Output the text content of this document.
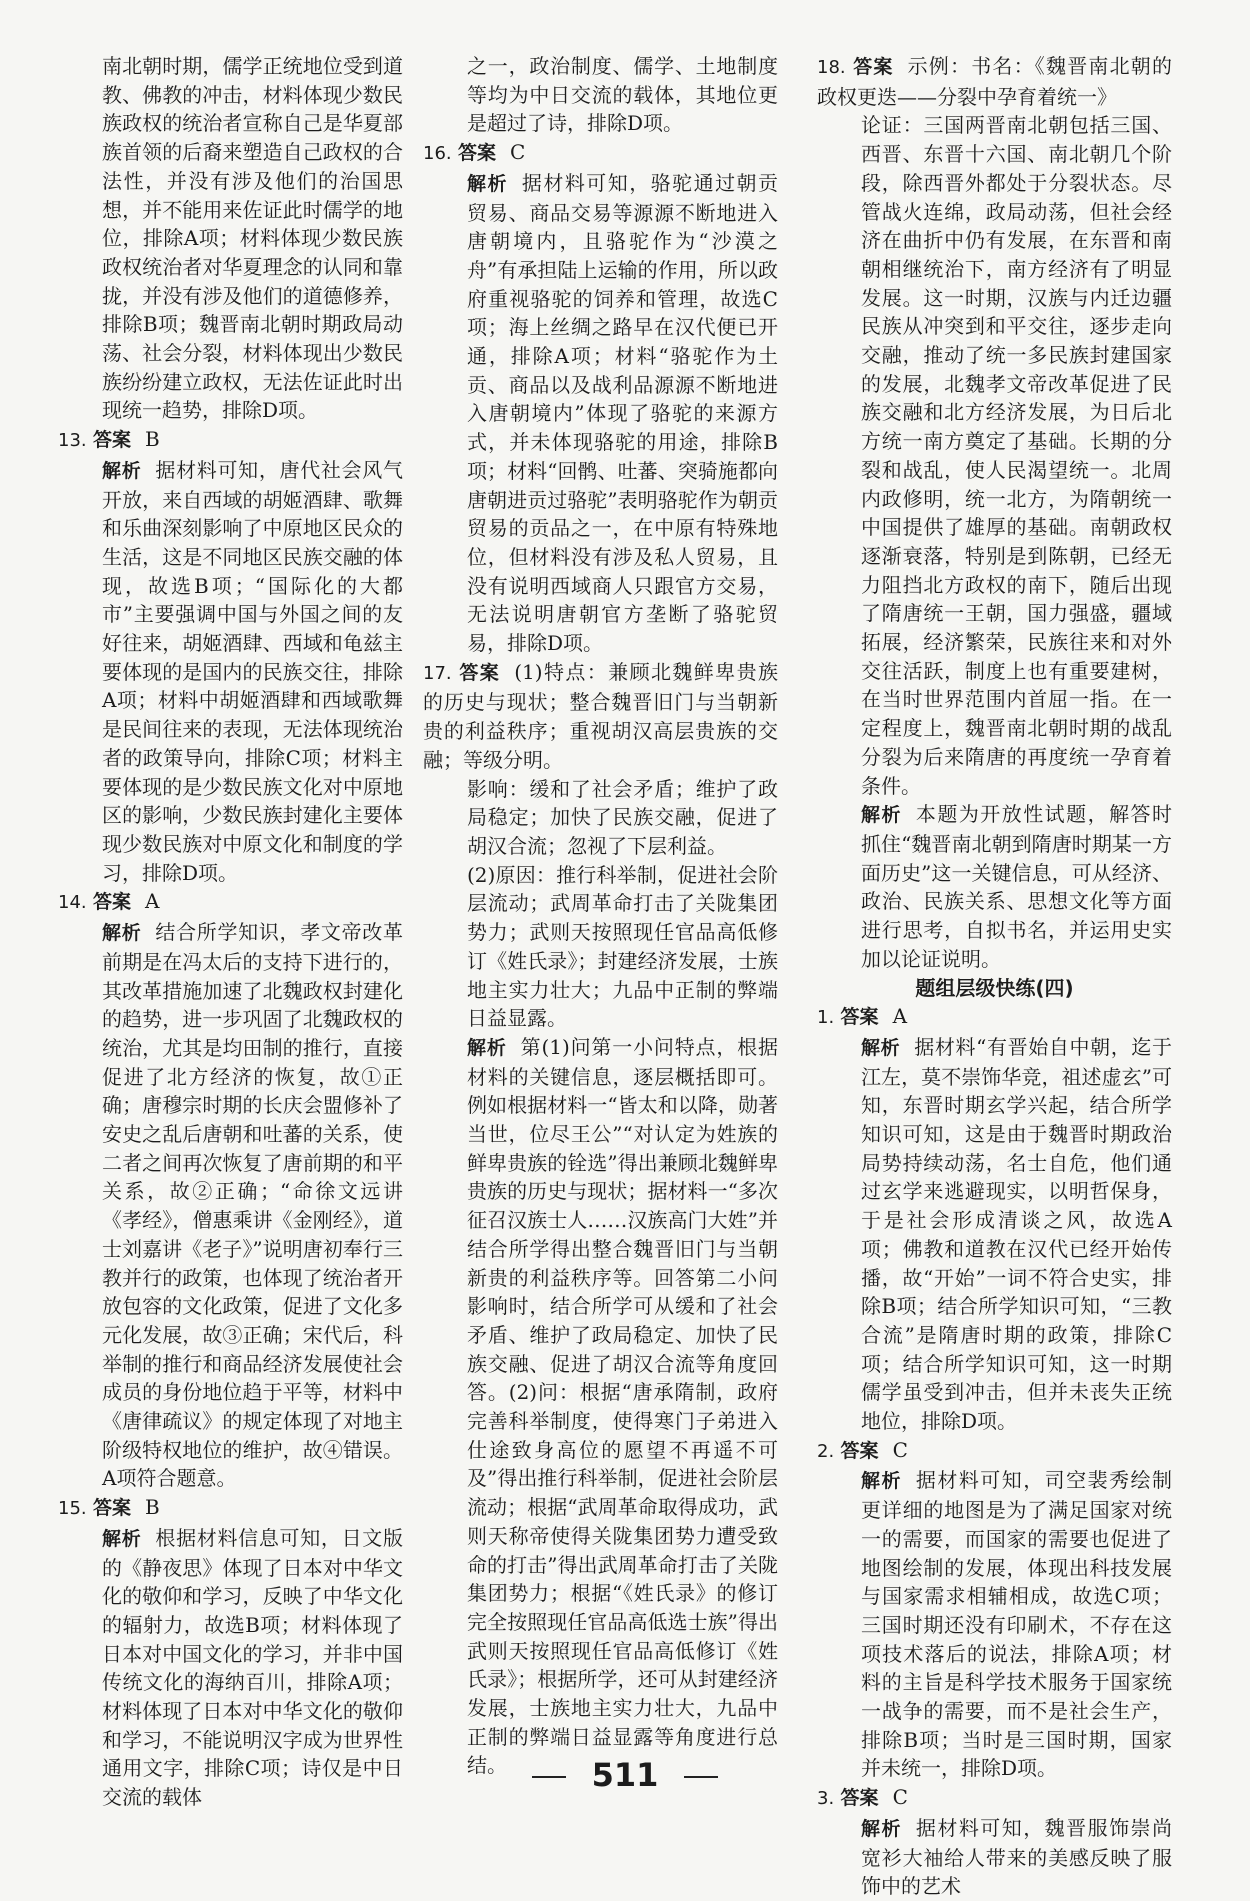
南北朝时期，儒学正统地位受到道教、佛教的冲击，材料体现少数民族政权的统治者宣称自己是华夏部族首领的后裔来塑造自己政权的合法性，并没有涉及他们的治国思想，并不能用来佐证此时儒学的地位，排除A项；材料体现少数民族政权统治者对华夏理念的认同和靠拢，并没有涉及他们的道德修养，排除B项；魏晋南北朝时期政局动荡、社会分裂，材料体现出少数民族纷纷建立政权，无法佐证此时出现统一趋势，排除D项。

13. 答案 B

解析 据材料可知，唐代社会风气开放，来自西域的胡姬酒肆、歌舞和乐曲深刻影响了中原地区民众的生活，这是不同地区民族交融的体现，故选B项；“国际化的大都市”主要强调中国与外国之间的友好往来，胡姬酒肆、西域和龟兹主要体现的是国内的民族交往，排除A项；材料中胡姬酒肆和西域歌舞是民间往来的表现，无法体现统治者的政策导向，排除C项；材料主要体现的是少数民族文化对中原地区的影响，少数民族封建化主要体现少数民族对中原文化和制度的学习，排除D项。

14. 答案 A

解析 结合所学知识，孝文帝改革前期是在冯太后的支持下进行的，其改革措施加速了北魏政权封建化的趋势，进一步巩固了北魏政权的统治，尤其是均田制的推行，直接促进了北方经济的恢复，故①正确；唐穆宗时期的长庆会盟修补了安史之乱后唐朝和吐蕃的关系，使二者之间再次恢复了唐前期的和平关系，故②正确；“命徐文远讲《孝经》，僧惠乘讲《金刚经》，道士刘嘉讲《老子》”说明唐初奉行三教并行的政策，也体现了统治者开放包容的文化政策，促进了文化多元化发展，故③正确；宋代后，科举制的推行和商品经济发展使社会成员的身份地位趋于平等，材料中《唐律疏议》的规定体现了对地主阶级特权地位的维护，故④错误。A项符合题意。

15. 答案 B

解析 根据材料信息可知，日文版的《静夜思》体现了日本对中华文化的敬仰和学习，反映了中华文化的辐射力，故选B项；材料体现了日本对中国文化的学习，并非中国传统文化的海纳百川，排除A项；材料体现了日本对中华文化的敬仰和学习，不能说明汉字成为世界性通用文字，排除C项；诗仅是中日交流的载体

之一，政治制度、儒学、土地制度等均为中日交流的载体，其地位更是超过了诗，排除D项。

16. 答案 C

解析 据材料可知，骆驼通过朝贡贸易、商品交易等源源不断地进入唐朝境内，且骆驼作为“沙漠之舟”有承担陆上运输的作用，所以政府重视骆驼的饲养和管理，故选C项；海上丝绸之路早在汉代便已开通，排除A项；材料“骆驼作为土贡、商品以及战利品源源不断地进入唐朝境内”体现了骆驼的来源方式，并未体现骆驼的用途，排除B项；材料“回鹘、吐蕃、突骑施都向唐朝进贡过骆驼”表明骆驼作为朝贡贸易的贡品之一，在中原有特殊地位，但材料没有涉及私人贸易，且没有说明西域商人只跟官方交易，无法说明唐朝官方垄断了骆驼贸易，排除D项。

17. 答案 (1)特点：兼顾北魏鲜卑贵族的历史与现状；整合魏晋旧门与当朝新贵的利益秩序；重视胡汉高层贵族的交融；等级分明。

影响：缓和了社会矛盾；维护了政局稳定；加快了民族交融，促进了胡汉合流；忽视了下层利益。

(2)原因：推行科举制，促进社会阶层流动；武周革命打击了关陇集团势力；武则天按照现任官品高低修订《姓氏录》；封建经济发展，士族地主实力壮大；九品中正制的弊端日益显露。

解析 第(1)问第一小问特点，根据材料的关键信息，逐层概括即可。例如根据材料一“皆太和以降，勋著当世，位尽王公”“对认定为姓族的鲜卑贵族的铨选”得出兼顾北魏鲜卑贵族的历史与现状；据材料一“多次征召汉族士人……汉族高门大姓”并结合所学得出整合魏晋旧门与当朝新贵的利益秩序等。回答第二小问影响时，结合所学可从缓和了社会矛盾、维护了政局稳定、加快了民族交融、促进了胡汉合流等角度回答。(2)问：根据“唐承隋制，政府完善科举制度，使得寒门子弟进入仕途致身高位的愿望不再遥不可及”得出推行科举制，促进社会阶层流动；根据“武周革命取得成功，武则天称帝使得关陇集团势力遭受致命的打击”得出武周革命打击了关陇集团势力；根据“《姓氏录》的修订完全按照现任官品高低选士族”得出武则天按照现任官品高低修订《姓氏录》；根据所学，还可从封建经济发展，士族地主实力壮大，九品中正制的弊端日益显露等角度进行总结。

18. 答案 示例：书名：《魏晋南北朝的政权更迭——分裂中孕育着统一》

论证：三国两晋南北朝包括三国、西晋、东晋十六国、南北朝几个阶段，除西晋外都处于分裂状态。尽管战火连绵，政局动荡，但社会经济在曲折中仍有发展，在东晋和南朝相继统治下，南方经济有了明显发展。这一时期，汉族与内迁边疆民族从冲突到和平交往，逐步走向交融，推动了统一多民族封建国家的发展，北魏孝文帝改革促进了民族交融和北方经济发展，为日后北方统一南方奠定了基础。长期的分裂和战乱，使人民渴望统一。北周内政修明，统一北方，为隋朝统一中国提供了雄厚的基础。南朝政权逐渐衰落，特别是到陈朝，已经无力阻挡北方政权的南下，随后出现了隋唐统一王朝，国力强盛，疆域拓展，经济繁荣，民族往来和对外交往活跃，制度上也有重要建树，在当时世界范围内首屈一指。在一定程度上，魏晋南北朝时期的战乱分裂为后来隋唐的再度统一孕育着条件。

解析 本题为开放性试题，解答时抓住“魏晋南北朝到隋唐时期某一方面历史”这一关键信息，可从经济、政治、民族关系、思想文化等方面进行思考，自拟书名，并运用史实加以论证说明。

题组层级快练(四)

1. 答案 A

解析 据材料“有晋始自中朝，迄于江左，莫不崇饰华竞，祖述虚玄”可知，东晋时期玄学兴起，结合所学知识可知，这是由于魏晋时期政治局势持续动荡，名士自危，他们通过玄学来逃避现实，以明哲保身，于是社会形成清谈之风，故选A项；佛教和道教在汉代已经开始传播，故“开始”一词不符合史实，排除B项；结合所学知识可知，“三教合流”是隋唐时期的政策，排除C项；结合所学知识可知，这一时期儒学虽受到冲击，但并未丧失正统地位，排除D项。

2. 答案 C

解析 据材料可知，司空裴秀绘制更详细的地图是为了满足国家对统一的需要，而国家的需要也促进了地图绘制的发展，体现出科技发展与国家需求相辅相成，故选C项；三国时期还没有印刷术，不存在这项技术落后的说法，排除A项；材料的主旨是科学技术服务于国家统一战争的需要，而不是社会生产，排除B项；当时是三国时期，国家并未统一，排除D项。

3. 答案 C

解析 据材料可知，魏晋服饰崇尚宽衫大袖给人带来的美感反映了服饰中的艺术

511
